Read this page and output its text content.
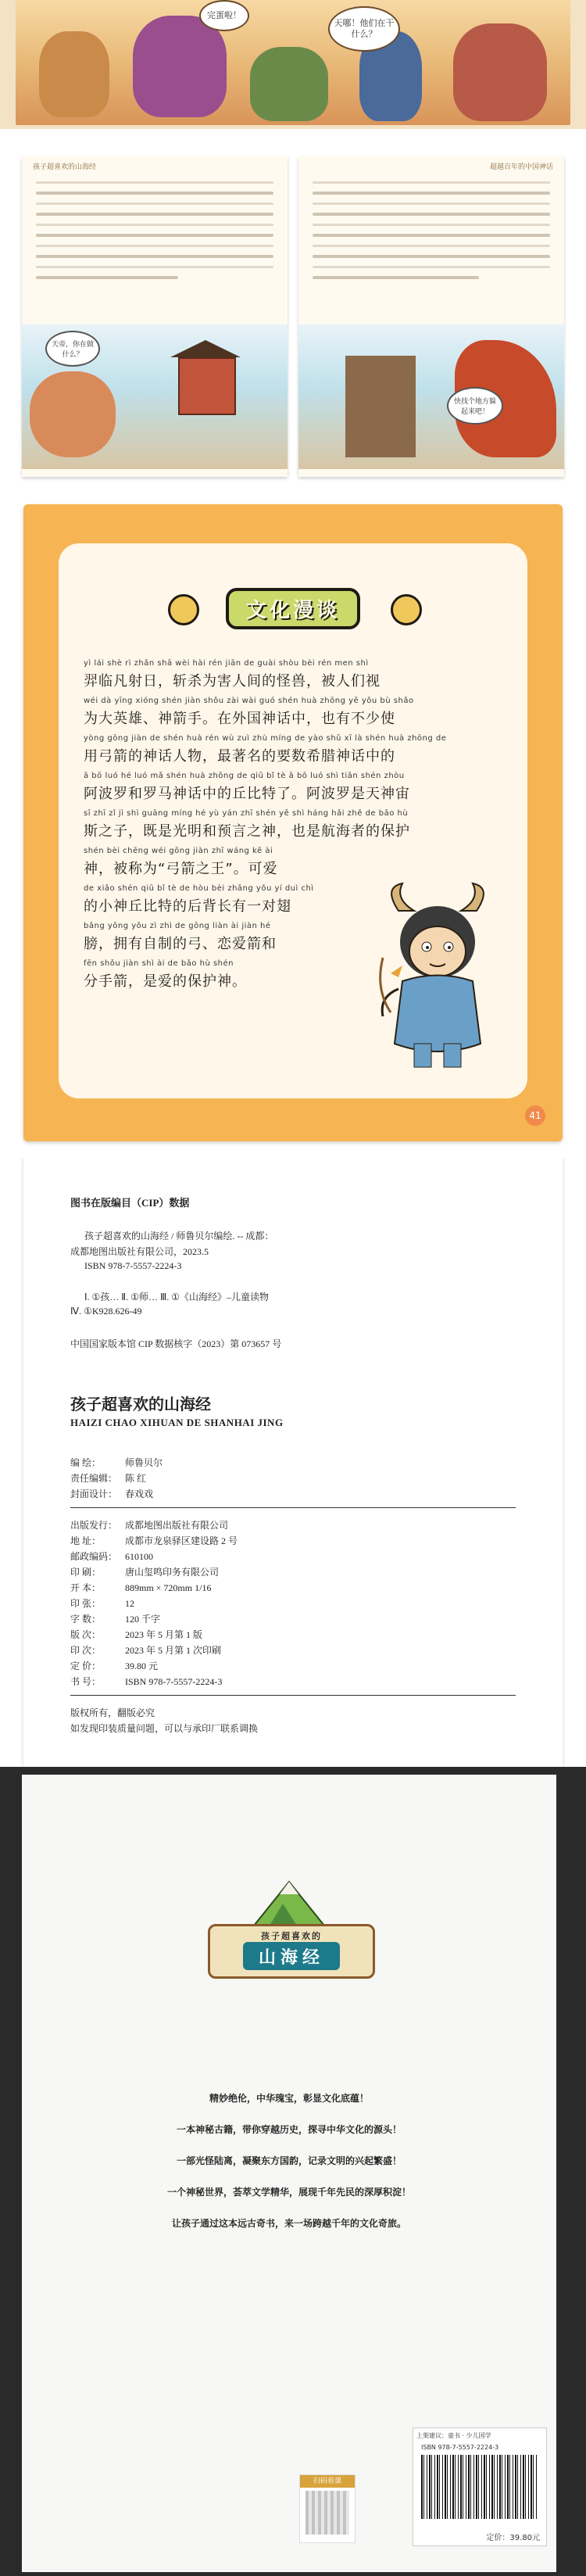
天哪！他们在干什么？
完蛋啦！
孩子超喜欢的山海经
天帝，你在做什么？
超越百年的中国神话
快找个地方躲起来吧！
文化漫谈
yì lái shè rì zhǎn shā wèi hài rén jiān de guài shòu bèi rén men shì
羿临凡射日，斩杀为害人间的怪兽，被人们视
wéi dà yīng xióng shén jiàn shǒu zài wài guó shén huà zhōng yě yǒu bù shǎo
为大英雄、神箭手。在外国神话中，也有不少使
yòng gōng jiàn de shén huà rén wù zuì zhù míng de yào shǔ xī là shén huà zhōng de
用弓箭的神话人物，最著名的要数希腊神话中的
ā bō luó hé luó mǎ shén huà zhōng de qiū bǐ tè ā bō luó shì tiān shén zhòu
阿波罗和罗马神话中的丘比特了。阿波罗是天神宙
sī zhī zǐ jì shì guāng míng hé yù yán zhī shén yě shì háng hǎi zhě de bǎo hù
斯之子，既是光明和预言之神，也是航海者的保护
shén bèi chēng wéi gōng jiàn zhī wáng kě ài
神，被称为“弓箭之王”。可爱
de xiǎo shén qiū bǐ tè de hòu bèi zhǎng yǒu yí duì chì
的小神丘比特的后背长有一对翅
bǎng yōng yǒu zì zhì de gōng liàn ài jiàn hé
膀，拥有自制的弓、恋爱箭和
fēn shǒu jiàn shì ài de bǎo hù shén
分手箭，是爱的保护神。
41
图书在版编目（CIP）数据
孩子超喜欢的山海经 / 师鲁贝尔编绘. -- 成都：
成都地图出版社有限公司，2023.5
ISBN 978-7-5557-2224-3
Ⅰ. ①孩… Ⅱ. ①师… Ⅲ. ①《山海经》–儿童读物
Ⅳ. ①K928.626-49
中国国家版本馆 CIP 数据核字（2023）第 073657 号
孩子超喜欢的山海经
HAIZI CHAO XIHUAN DE SHANHAI JING
编 绘：	师鲁贝尔
责任编辑： 陈 红
封面设计： 春戏戏
出版发行： 成都地图出版社有限公司
地 址：	成都市龙泉驿区建设路 2 号
邮政编码： 610100
印 刷：	唐山玺鸣印务有限公司
开 本：	889mm × 720mm 1/16
印 张：	12
字 数：	120 千字
版 次：	2023 年 5 月第 1 版
印 次：	2023 年 5 月第 1 次印刷
定 价：	39.80 元
书 号：	ISBN 978-7-5557-2224-3
版权所有，翻版必究
如发现印装质量问题，可以与承印厂联系调换
孩子超喜欢的
山海经
精妙绝伦，中华瑰宝，彰显文化底蕴！
一本神秘古籍，带你穿越历史，探寻中华文化的源头！
一部光怪陆离，凝聚东方国韵，记录文明的兴起繁盛！
一个神秘世界，荟萃文学精华，展现千年先民的深厚积淀！
让孩子通过这本远古奇书，来一场跨越千年的文化奇旅。
扫码看课
上架建议：童书 · 少儿国学
ISBN 978-7-5557-2224-3
定价：39.80元
